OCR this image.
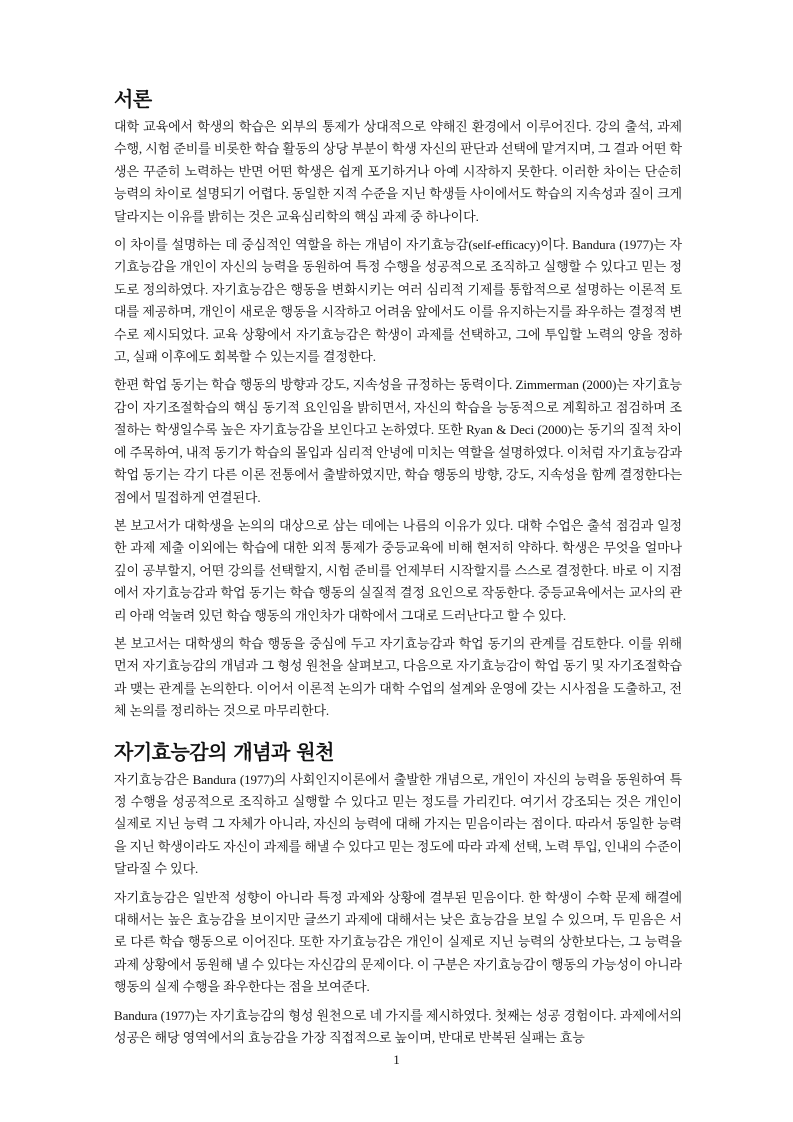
서론

대학 교육에서 학생의 학습은 외부의 통제가 상대적으로 약해진 환경에서 이루어진다. 강의 출석, 과제 수행, 시험 준비를 비롯한 학습 활동의 상당 부분이 학생 자신의 판단과 선택에 맡겨지며, 그 결과 어떤 학생은 꾸준히 노력하는 반면 어떤 학생은 쉽게 포기하거나 아예 시작하지 못한다. 이러한 차이는 단순히 능력의 차이로 설명되기 어렵다. 동일한 지적 수준을 지닌 학생들 사이에서도 학습의 지속성과 질이 크게 달라지는 이유를 밝히는 것은 교육심리학의 핵심 과제 중 하나이다.

이 차이를 설명하는 데 중심적인 역할을 하는 개념이 자기효능감(self-efficacy)이다. Bandura (1977)는 자기효능감을 개인이 자신의 능력을 동원하여 특정 수행을 성공적으로 조직하고 실행할 수 있다고 믿는 정도로 정의하였다. 자기효능감은 행동을 변화시키는 여러 심리적 기제를 통합적으로 설명하는 이론적 토대를 제공하며, 개인이 새로운 행동을 시작하고 어려움 앞에서도 이를 유지하는지를 좌우하는 결정적 변수로 제시되었다. 교육 상황에서 자기효능감은 학생이 과제를 선택하고, 그에 투입할 노력의 양을 정하고, 실패 이후에도 회복할 수 있는지를 결정한다.

한편 학업 동기는 학습 행동의 방향과 강도, 지속성을 규정하는 동력이다. Zimmerman (2000)는 자기효능감이 자기조절학습의 핵심 동기적 요인임을 밝히면서, 자신의 학습을 능동적으로 계획하고 점검하며 조절하는 학생일수록 높은 자기효능감을 보인다고 논하였다. 또한 Ryan & Deci (2000)는 동기의 질적 차이에 주목하여, 내적 동기가 학습의 몰입과 심리적 안녕에 미치는 역할을 설명하였다. 이처럼 자기효능감과 학업 동기는 각기 다른 이론 전통에서 출발하였지만, 학습 행동의 방향, 강도, 지속성을 함께 결정한다는 점에서 밀접하게 연결된다.

본 보고서가 대학생을 논의의 대상으로 삼는 데에는 나름의 이유가 있다. 대학 수업은 출석 점검과 일정한 과제 제출 이외에는 학습에 대한 외적 통제가 중등교육에 비해 현저히 약하다. 학생은 무엇을 얼마나 깊이 공부할지, 어떤 강의를 선택할지, 시험 준비를 언제부터 시작할지를 스스로 결정한다. 바로 이 지점에서 자기효능감과 학업 동기는 학습 행동의 실질적 결정 요인으로 작동한다. 중등교육에서는 교사의 관리 아래 억눌려 있던 학습 행동의 개인차가 대학에서 그대로 드러난다고 할 수 있다.

본 보고서는 대학생의 학습 행동을 중심에 두고 자기효능감과 학업 동기의 관계를 검토한다. 이를 위해 먼저 자기효능감의 개념과 그 형성 원천을 살펴보고, 다음으로 자기효능감이 학업 동기 및 자기조절학습과 맺는 관계를 논의한다. 이어서 이론적 논의가 대학 수업의 설계와 운영에 갖는 시사점을 도출하고, 전체 논의를 정리하는 것으로 마무리한다.

자기효능감의 개념과 원천

자기효능감은 Bandura (1977)의 사회인지이론에서 출발한 개념으로, 개인이 자신의 능력을 동원하여 특정 수행을 성공적으로 조직하고 실행할 수 있다고 믿는 정도를 가리킨다. 여기서 강조되는 것은 개인이 실제로 지닌 능력 그 자체가 아니라, 자신의 능력에 대해 가지는 믿음이라는 점이다. 따라서 동일한 능력을 지닌 학생이라도 자신이 과제를 해낼 수 있다고 믿는 정도에 따라 과제 선택, 노력 투입, 인내의 수준이 달라질 수 있다.

자기효능감은 일반적 성향이 아니라 특정 과제와 상황에 결부된 믿음이다. 한 학생이 수학 문제 해결에 대해서는 높은 효능감을 보이지만 글쓰기 과제에 대해서는 낮은 효능감을 보일 수 있으며, 두 믿음은 서로 다른 학습 행동으로 이어진다. 또한 자기효능감은 개인이 실제로 지닌 능력의 상한보다는, 그 능력을 과제 상황에서 동원해 낼 수 있다는 자신감의 문제이다. 이 구분은 자기효능감이 행동의 가능성이 아니라 행동의 실제 수행을 좌우한다는 점을 보여준다.

Bandura (1977)는 자기효능감의 형성 원천으로 네 가지를 제시하였다. 첫째는 성공 경험이다. 과제에서의 성공은 해당 영역에서의 효능감을 가장 직접적으로 높이며, 반대로 반복된 실패는 효능

1
